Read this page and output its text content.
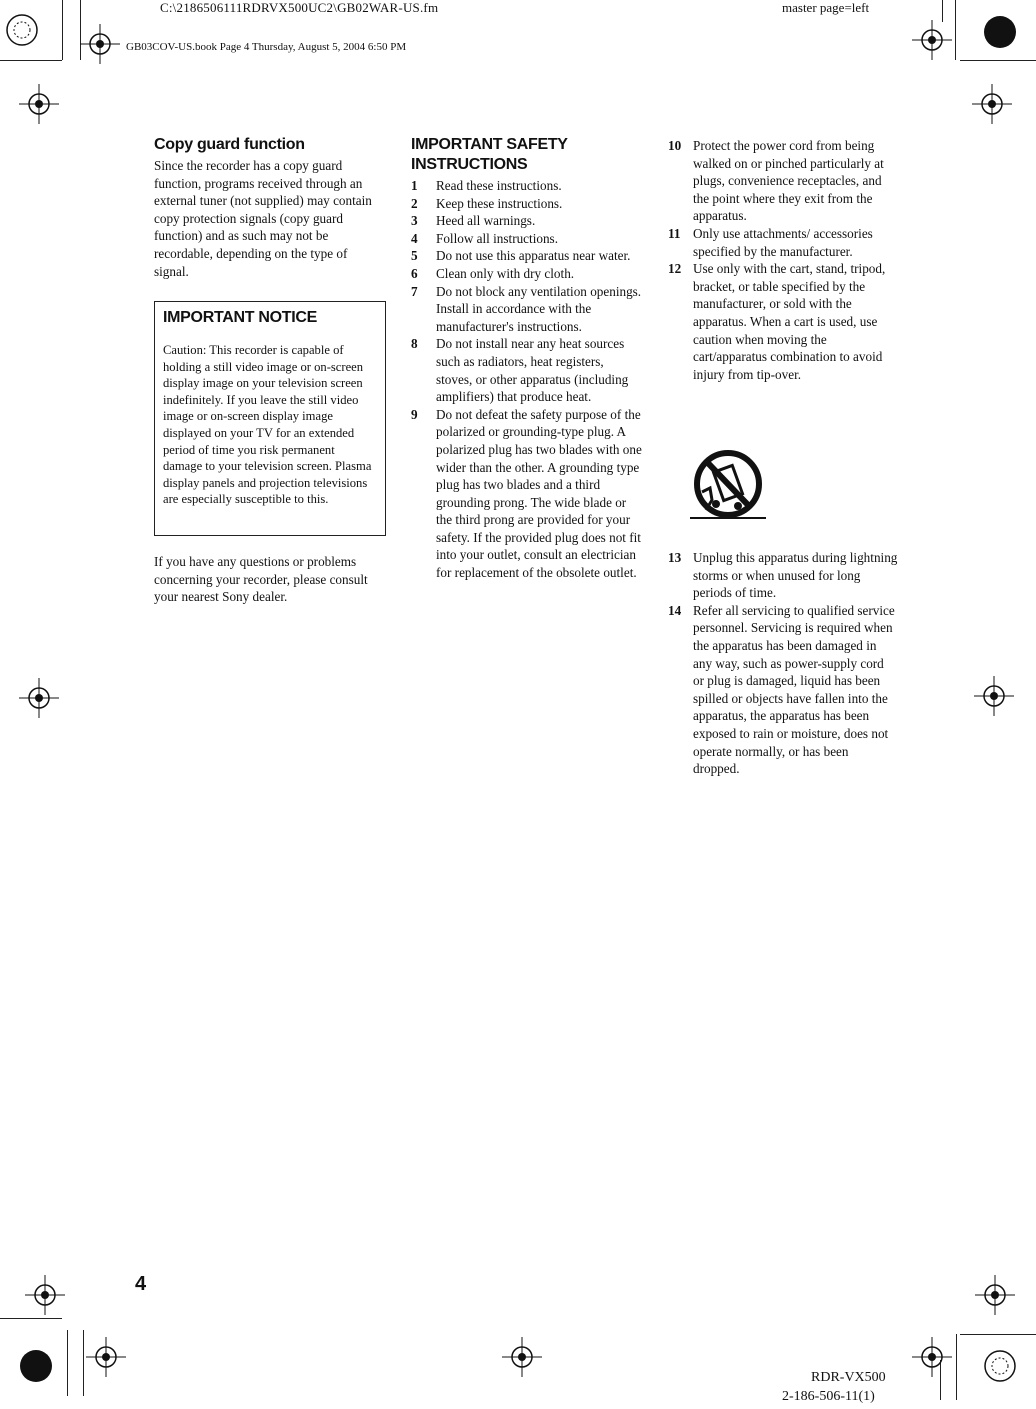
C:\2186506111RDRVX500UC2\GB02WAR-US.fm	master page=left
GB03COV-US.book Page 4 Thursday, August 5, 2004 6:50 PM
Copy guard function

Since the recorder has a copy guard function, programs received through an external tuner (not supplied) may contain copy protection signals (copy guard function) and as such may not be recordable, depending on the type of signal.

IMPORTANT NOTICE

Caution: This recorder is capable of holding a still video image or on-screen display image on your television screen indefinitely. If you leave the still video image or on-screen display image displayed on your TV for an extended period of time you risk permanent damage to your television screen. Plasma display panels and projection televisions are especially susceptible to this.

If you have any questions or problems concerning your recorder, please consult your nearest Sony dealer.

IMPORTANT SAFETY
INSTRUCTIONS
1	Read these instructions.
2	Keep these instructions.
3	Heed all warnings.
4	Follow all instructions.
5	Do not use this apparatus near water.
6	Clean only with dry cloth.
7	Do not block any ventilation openings. Install in accordance with the manufacturer's instructions.
8	Do not install near any heat sources such as radiators, heat registers, stoves, or other apparatus (including amplifiers) that produce heat.
9	Do not defeat the safety purpose of the polarized or grounding-type plug. A polarized plug has two blades with one wider than the other. A grounding type plug has two blades and a third grounding prong. The wide blade or the third prong are provided for your safety. If the provided plug does not fit into your outlet, consult an electrician for replacement of the obsolete outlet.
10 Protect the power cord from being walked on or pinched particularly at plugs, convenience receptacles, and the point where they exit from the apparatus.
11 Only use attachments/ accessories specified by the manufacturer.
12 Use only with the cart, stand, tripod, bracket, or table specified by the manufacturer, or sold with the apparatus. When a cart is used, use caution when moving the cart/apparatus combination to avoid injury from tip-over.
13 Unplug this apparatus during lightning storms or when unused for long periods of time.
14 Refer all servicing to qualified service personnel. Servicing is required when the apparatus has been damaged in any way, such as power-supply cord or plug is damaged, liquid has been spilled or objects have fallen into the apparatus, the apparatus has been exposed to rain or moisture, does not operate normally, or has been dropped.
4
RDR-VX500
2-186-506-11(1)
